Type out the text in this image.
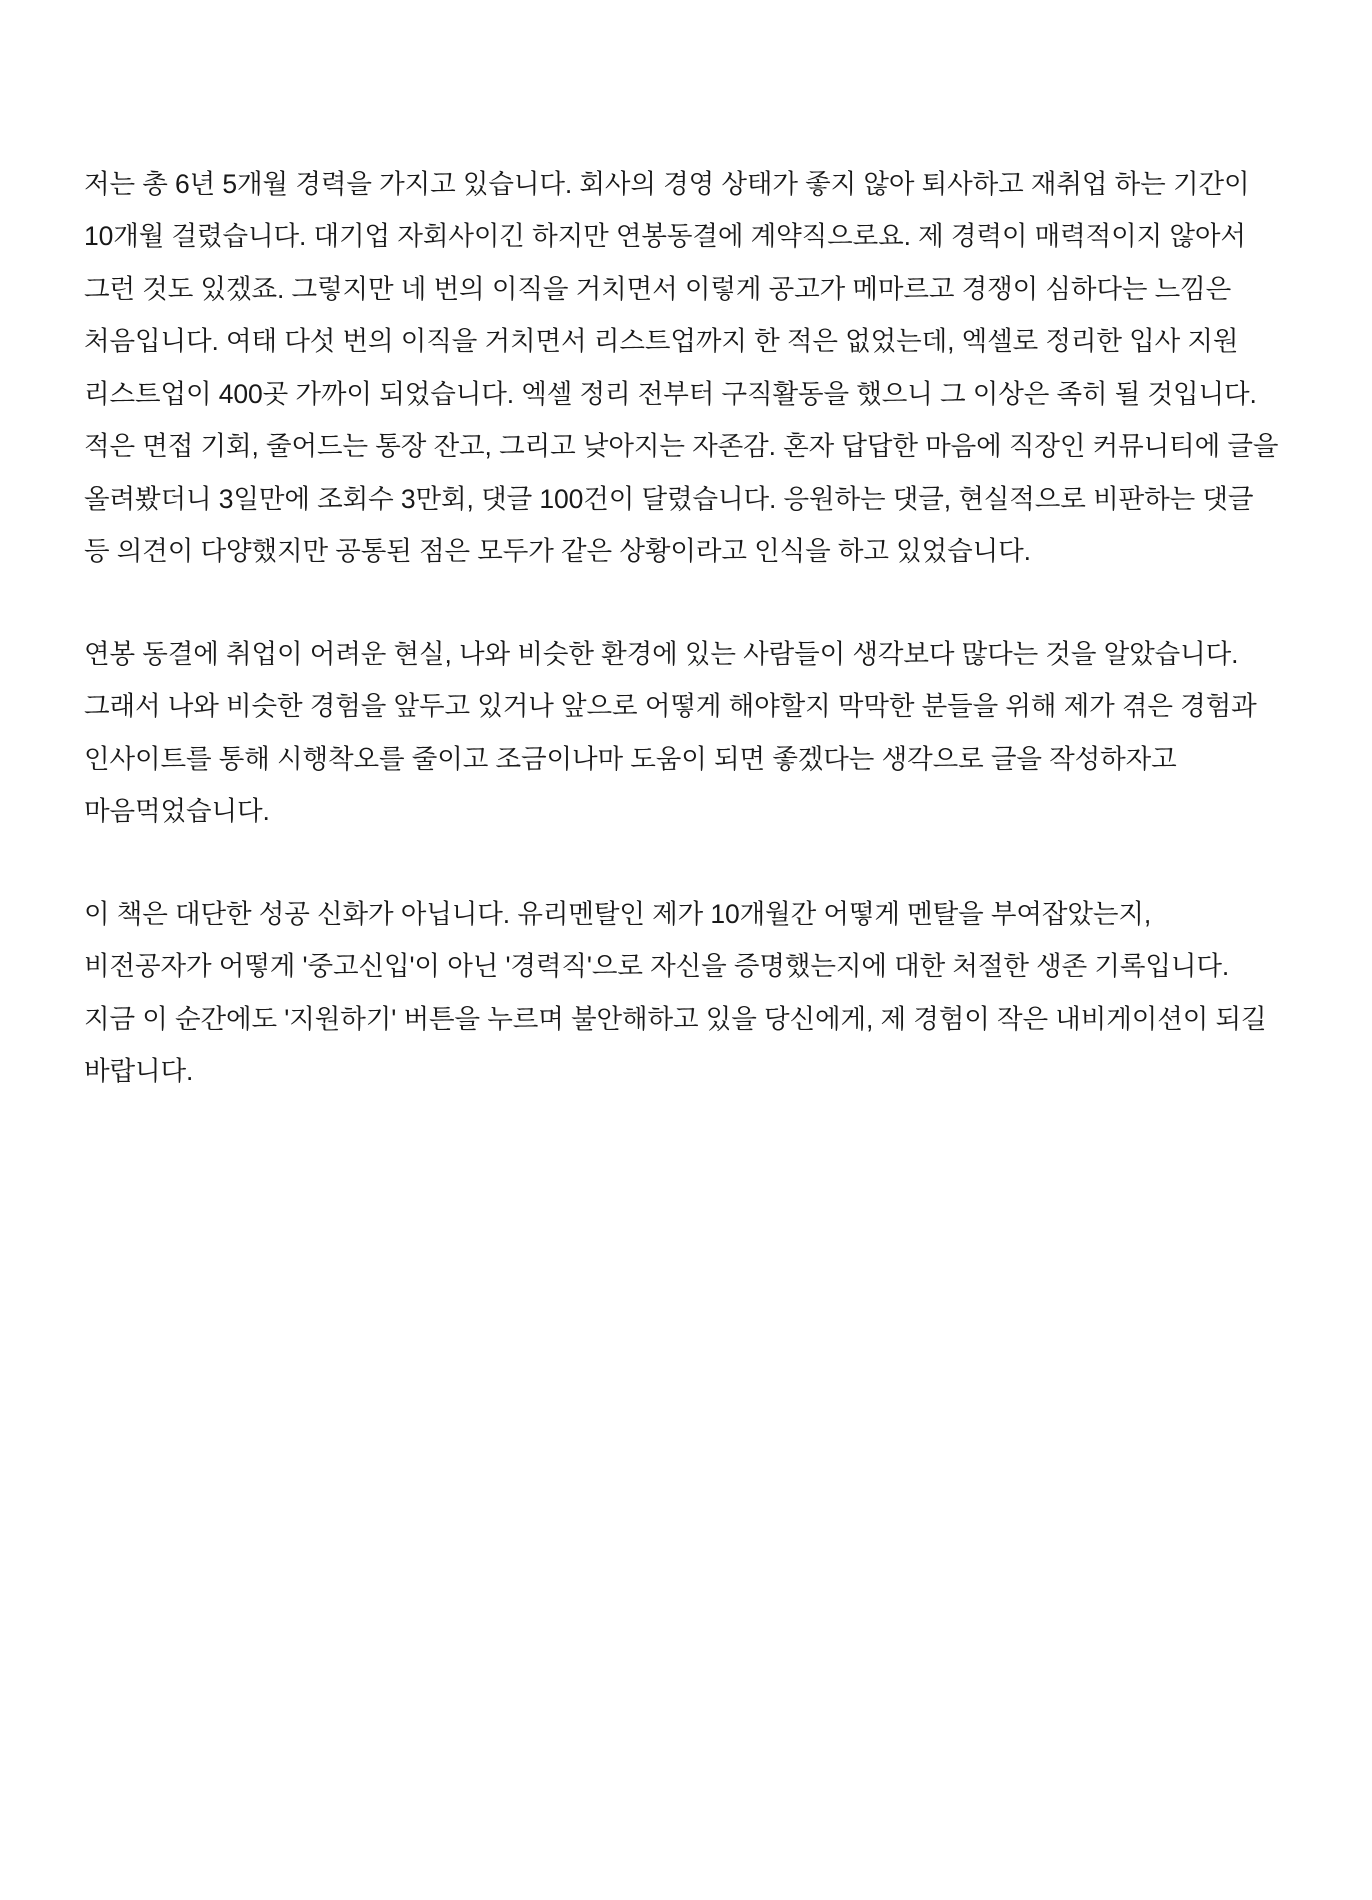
저는 총 6년 5개월 경력을 가지고 있습니다. 회사의 경영 상태가 좋지 않아 퇴사하고 재취업 하는 기간이 10개월 걸렸습니다. 대기업 자회사이긴 하지만 연봉동결에 계약직으로요. 제 경력이 매력적이지 않아서 그런 것도 있겠죠. 그렇지만 네 번의 이직을 거치면서 이렇게 공고가 메마르고 경쟁이 심하다는 느낌은 처음입니다. 여태 다섯 번의 이직을 거치면서 리스트업까지 한 적은 없었는데, 엑셀로 정리한 입사 지원 리스트업이 400곳 가까이 되었습니다. 엑셀 정리 전부터 구직활동을 했으니 그 이상은 족히 될 것입니다. 적은 면접 기회, 줄어드는 통장 잔고, 그리고 낮아지는 자존감. 혼자 답답한 마음에 직장인 커뮤니티에 글을 올려봤더니 3일만에 조회수 3만회, 댓글 100건이 달렸습니다. 응원하는 댓글, 현실적으로 비판하는 댓글 등 의견이 다양했지만 공통된 점은 모두가 같은 상황이라고 인식을 하고 있었습니다.

연봉 동결에 취업이 어려운 현실, 나와 비슷한 환경에 있는 사람들이 생각보다 많다는 것을 알았습니다. 그래서 나와 비슷한 경험을 앞두고 있거나 앞으로 어떻게 해야할지 막막한 분들을 위해 제가 겪은 경험과 인사이트를 통해 시행착오를 줄이고 조금이나마 도움이 되면 좋겠다는 생각으로 글을 작성하자고 마음먹었습니다.

이 책은 대단한 성공 신화가 아닙니다. 유리멘탈인 제가 10개월간 어떻게 멘탈을 부여잡았는지, 비전공자가 어떻게 '중고신입'이 아닌 '경력직'으로 자신을 증명했는지에 대한 처절한 생존 기록입니다. 지금 이 순간에도 '지원하기' 버튼을 누르며 불안해하고 있을 당신에게, 제 경험이 작은 내비게이션이 되길 바랍니다.
